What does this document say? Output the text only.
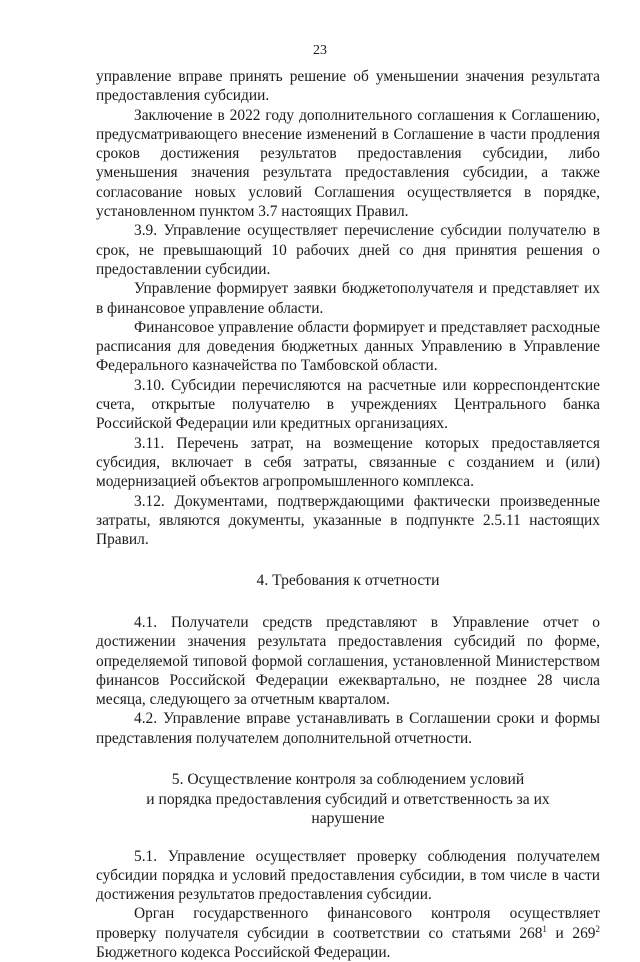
23

управление вправе принять решение об уменьшении значения результата предоставления субсидии.

Заключение в 2022 году дополнительного соглашения к Соглашению, предусматривающего внесение изменений в Соглашение в части продления сроков достижения результатов предоставления субсидии, либо уменьшения значения результата предоставления субсидии, а также согласование новых условий Соглашения осуществляется в порядке, установленном пунктом 3.7 настоящих Правил.

3.9. Управление осуществляет перечисление субсидии получателю в срок, не превышающий 10 рабочих дней со дня принятия решения о предоставлении субсидии.

Управление формирует заявки бюджетополучателя и представляет их в финансовое управление области.

Финансовое управление области формирует и представляет расходные расписания для доведения бюджетных данных Управлению в Управление Федерального казначейства по Тамбовской области.

3.10. Субсидии перечисляются на расчетные или корреспондентские счета, открытые получателю в учреждениях Центрального банка Российской Федерации или кредитных организациях.

3.11. Перечень затрат, на возмещение которых предоставляется субсидия, включает в себя затраты, связанные с созданием и (или) модернизацией объектов агропромышленного комплекса.

3.12. Документами, подтверждающими фактически произведенные затраты, являются документы, указанные в подпункте 2.5.11 настоящих Правил.

4. Требования к отчетности

4.1. Получатели средств представляют в Управление отчет о достижении значения результата предоставления субсидий по форме, определяемой типовой формой соглашения, установленной Министерством финансов Российской Федерации ежеквартально, не позднее 28 числа месяца, следующего за отчетным кварталом.

4.2. Управление вправе устанавливать в Соглашении сроки и формы представления получателем дополнительной отчетности.

5. Осуществление контроля за соблюдением условий
и порядка предоставления субсидий и ответственность за их
нарушение

5.1. Управление осуществляет проверку соблюдения получателем субсидии порядка и условий предоставления субсидии, в том числе в части достижения результатов предоставления субсидии.

Орган государственного финансового контроля осуществляет проверку получателя субсидии в соответствии со статьями $268^1$ и $269^2$ Бюджетного кодекса Российской Федерации.
